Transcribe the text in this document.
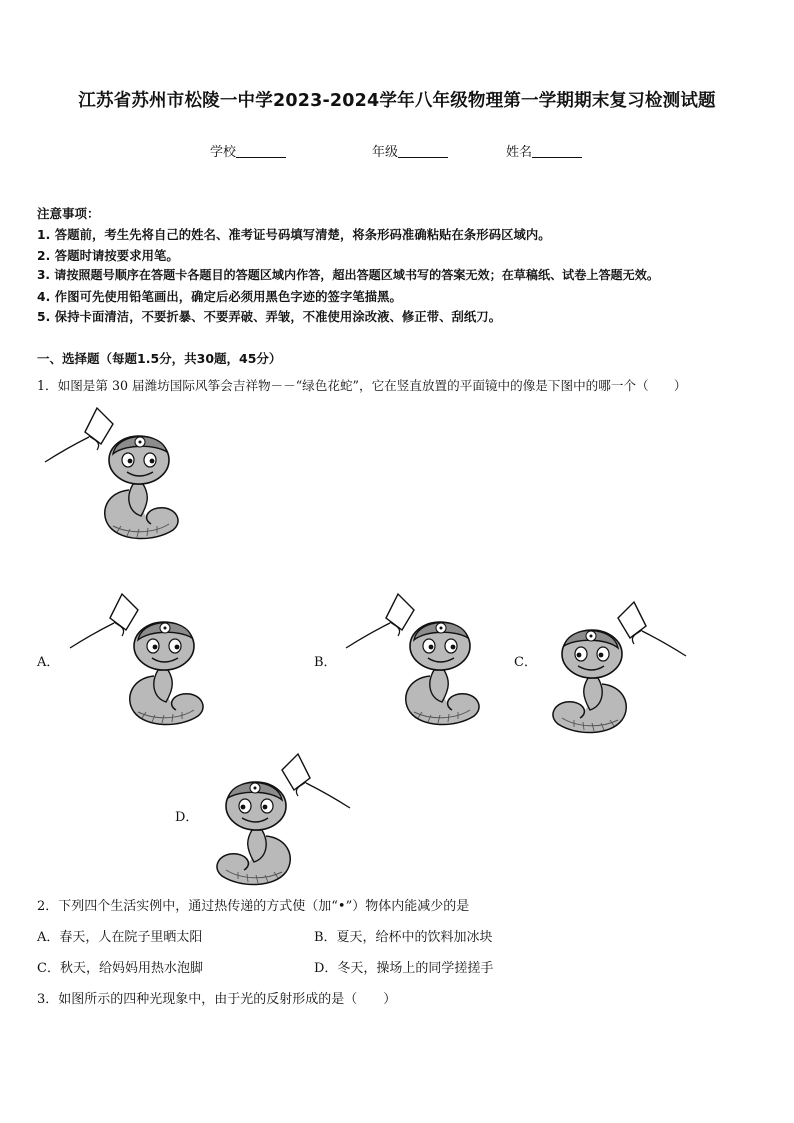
江苏省苏州市松陵一中学2023-2024学年八年级物理第一学期期末复习检测试题
学校	年级	姓名
注意事项：
1. 答题前，考生先将自己的姓名、准考证号码填写清楚，将条形码准确粘贴在条形码区域内。
2. 答题时请按要求用笔。
3. 请按照题号顺序在答题卡各题目的答题区域内作答，超出答题区域书写的答案无效；在草稿纸、试卷上答题无效。
4. 作图可先使用铅笔画出，确定后必须用黑色字迹的签字笔描黑。
5. 保持卡面清洁，不要折暴、不要弄破、弄皱，不准使用涂改液、修正带、刮纸刀。
一、选择题（每题1.5分，共30题，45分）
1．如图是第 30 届潍坊国际风筝会吉祥物－－“绿色花蛇”，它在竖直放置的平面镜中的像是下图中的哪一个（　　）
A．	B．	C．
D．
2．下列四个生活实例中，通过热传递的方式使（加“•”）物体内能减少的是
A．春天，人在院子里晒太阳	B．夏天，给杯中的饮料加冰块
C．秋天，给妈妈用热水泡脚	D．冬天，操场上的同学搓搓手
3．如图所示的四种光现象中，由于光的反射形成的是（　　）
